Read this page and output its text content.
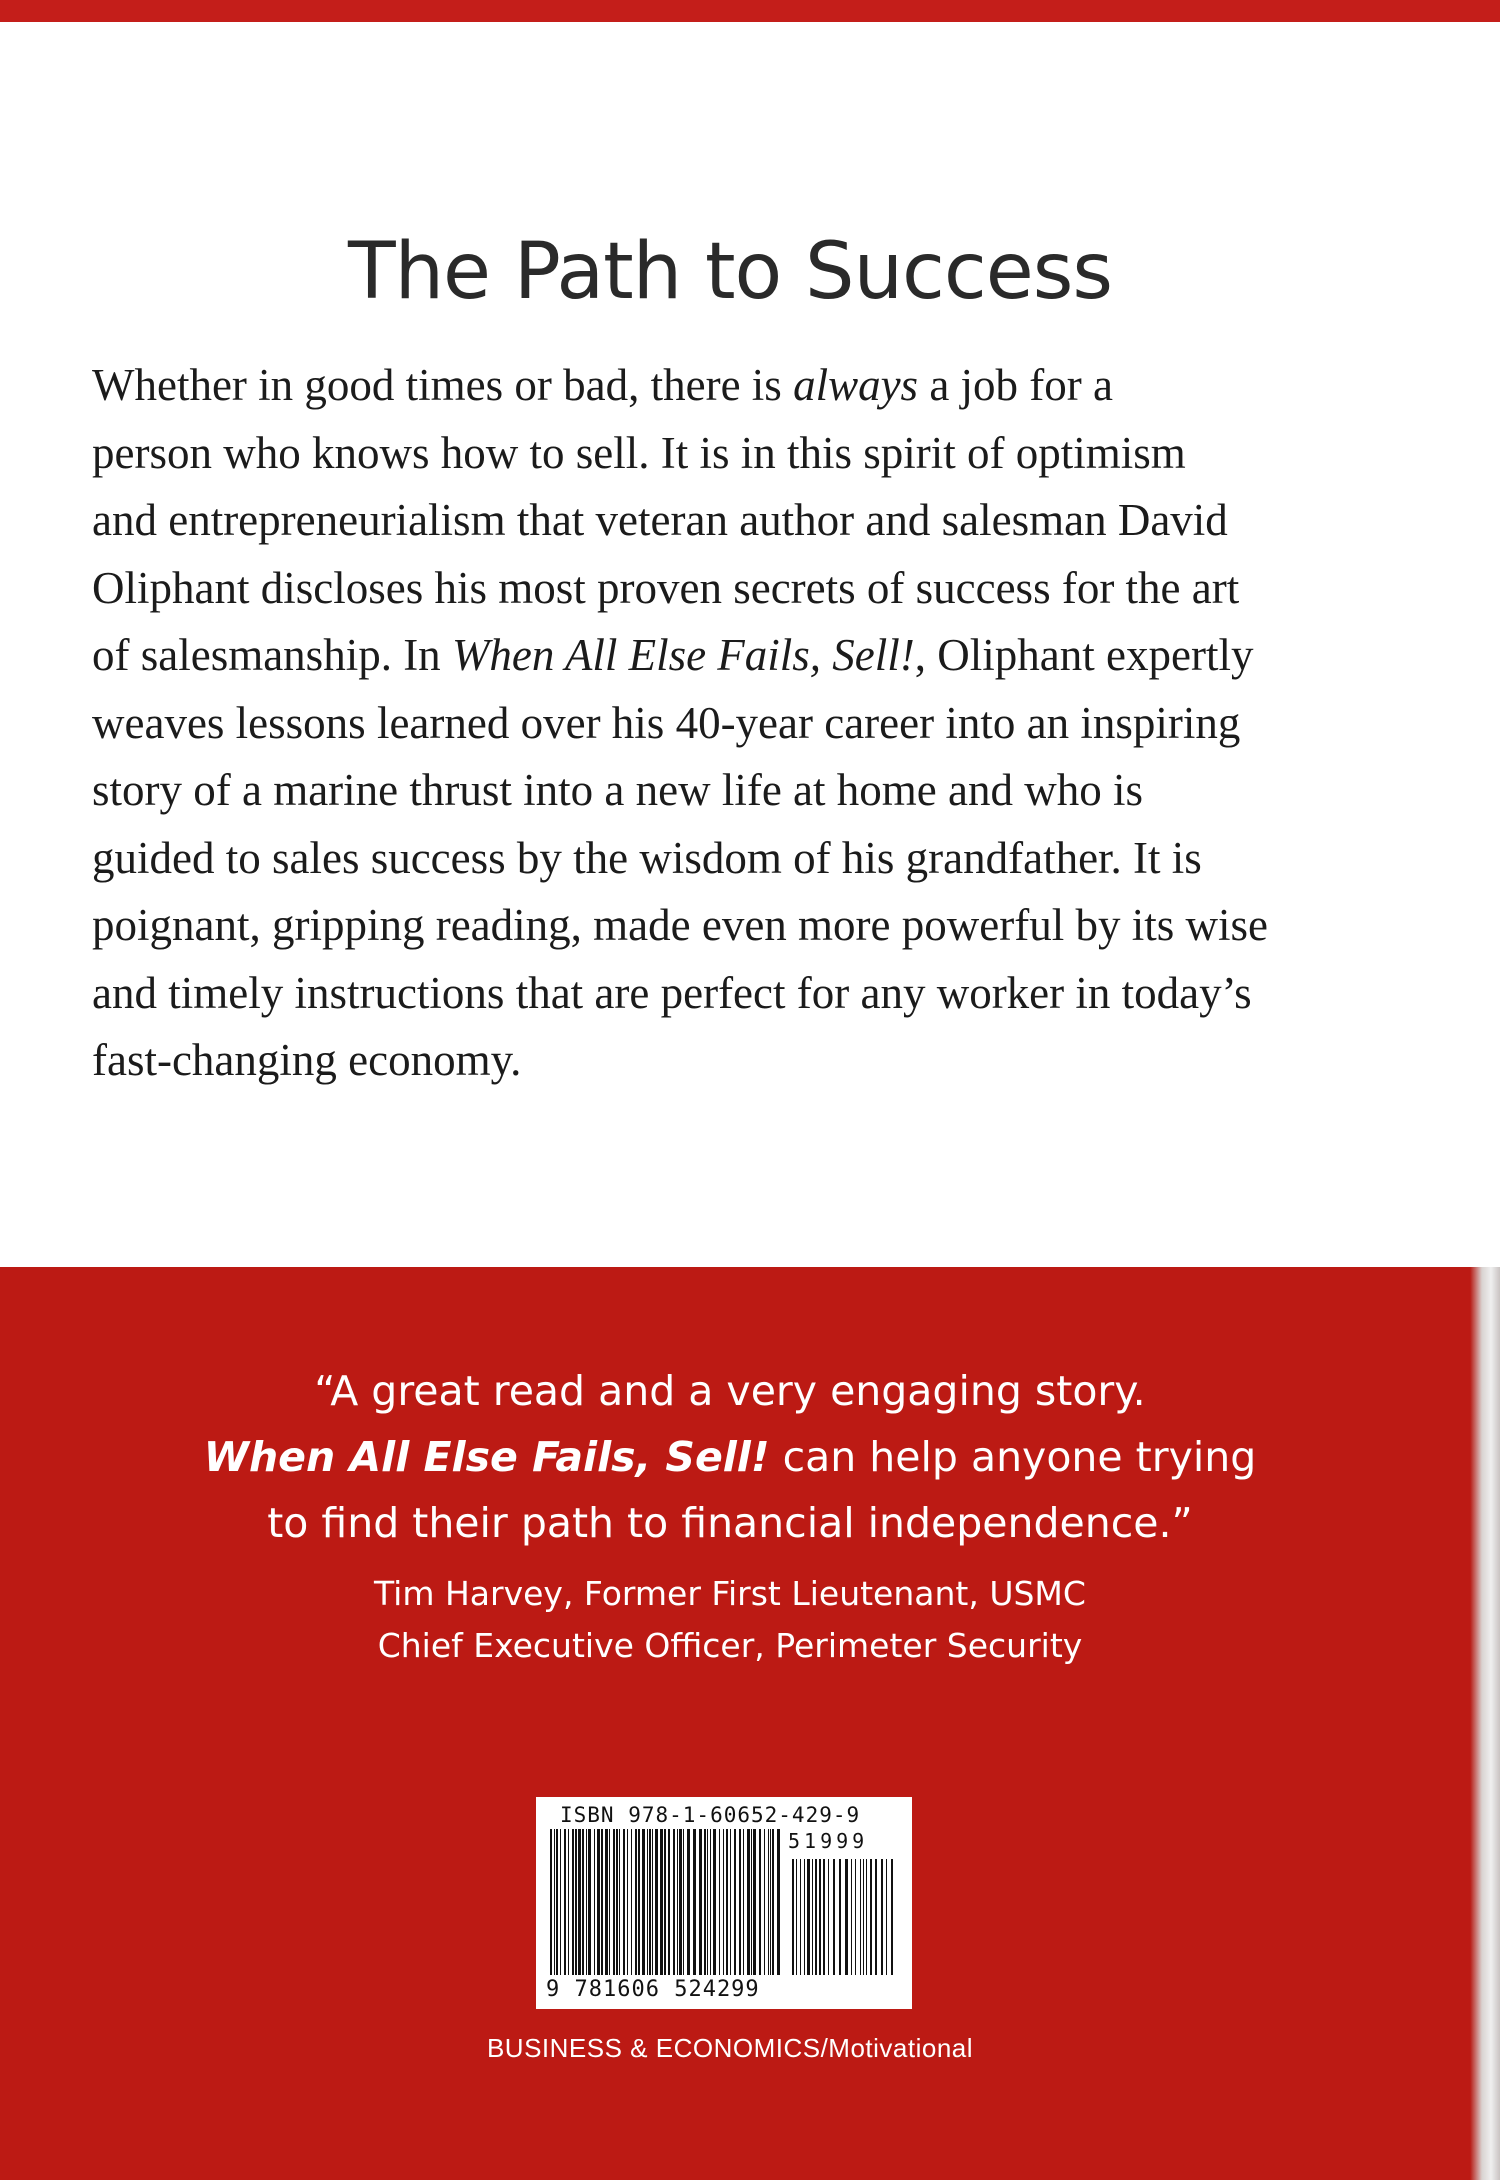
The Path to Success
Whether in good times or bad, there is always a job for a
person who knows how to sell. It is in this spirit of optimism
and entrepreneurialism that veteran author and salesman David
Oliphant discloses his most proven secrets of success for the art
of salesmanship. In When All Else Fails, Sell!, Oliphant expertly
weaves lessons learned over his 40-year career into an inspiring
story of a marine thrust into a new life at home and who is
guided to sales success by the wisdom of his grandfather. It is
poignant, gripping reading, made even more powerful by its wise
and timely instructions that are perfect for any worker in today’s
fast-changing economy.
“A great read and a very engaging story.
When All Else Fails, Sell! can help anyone trying
to find their path to financial independence.”
Tim Harvey, Former First Lieutenant, USMC
Chief Executive Officer, Perimeter Security
ISBN 978-1-60652-429-9
51999
9 781606 524299
BUSINESS & ECONOMICS/Motivational
